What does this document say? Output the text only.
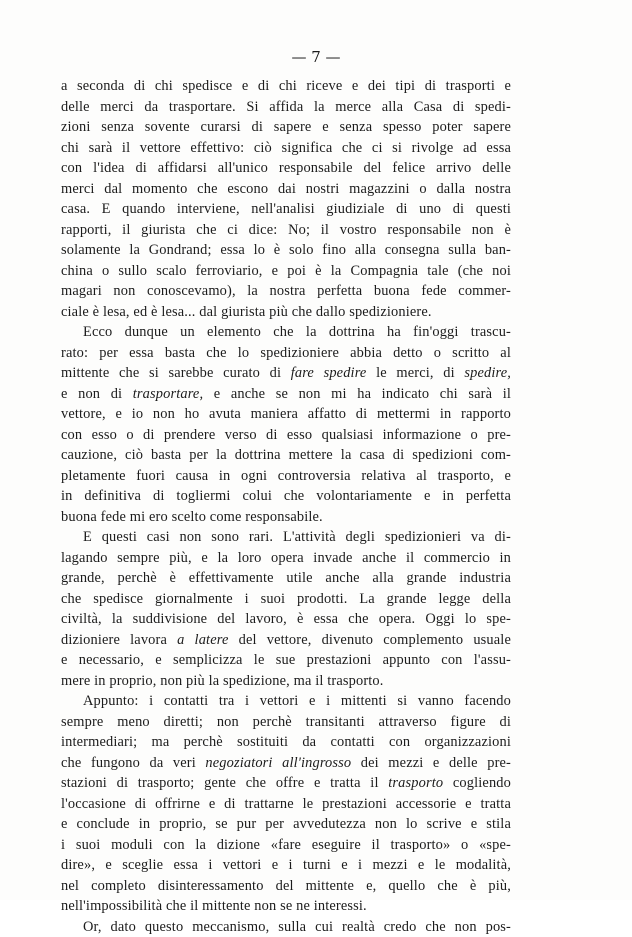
— 7 —
a seconda di chi spedisce e di chi riceve e dei tipi di trasporti e
delle merci da trasportare. Si affida la merce alla Casa di spedi-
zioni senza sovente curarsi di sapere e senza spesso poter sapere
chi sarà il vettore effettivo: ciò significa che ci si rivolge ad essa
con l'idea di affidarsi all'unico responsabile del felice arrivo delle
merci dal momento che escono dai nostri magazzini o dalla nostra
casa. E quando interviene, nell'analisi giudiziale di uno di questi
rapporti, il giurista che ci dice: No; il vostro responsabile non è
solamente la Gondrand; essa lo è solo fino alla consegna sulla ban-
china o sullo scalo ferroviario, e poi è la Compagnia tale (che noi
magari non conoscevamo), la nostra perfetta buona fede commer-
ciale è lesa, ed è lesa... dal giurista più che dallo spedizioniere.
Ecco dunque un elemento che la dottrina ha fin'oggi trascu-
rato: per essa basta che lo spedizioniere abbia detto o scritto al
mittente che si sarebbe curato di fare spedire le merci, di spedire,
e non di trasportare, e anche se non mi ha indicato chi sarà il
vettore, e io non ho avuta maniera affatto di mettermi in rapporto
con esso o di prendere verso di esso qualsiasi informazione o pre-
cauzione, ciò basta per la dottrina mettere la casa di spedizioni com-
pletamente fuori causa in ogni controversia relativa al trasporto, e
in definitiva di togliermi colui che volontariamente e in perfetta
buona fede mi ero scelto come responsabile.
E questi casi non sono rari. L'attività degli spedizionieri va di-
lagando sempre più, e la loro opera invade anche il commercio in
grande, perchè è effettivamente utile anche alla grande industria
che spedisce giornalmente i suoi prodotti. La grande legge della
civiltà, la suddivisione del lavoro, è essa che opera. Oggi lo spe-
dizioniere lavora a latere del vettore, divenuto complemento usuale
e necessario, e semplicizza le sue prestazioni appunto con l'assu-
mere in proprio, non più la spedizione, ma il trasporto.
Appunto: i contatti tra i vettori e i mittenti si vanno facendo
sempre meno diretti; non perchè transitanti attraverso figure di
intermediari; ma perchè sostituiti da contatti con organizzazioni
che fungono da veri negoziatori all'ingrosso dei mezzi e delle pre-
stazioni di trasporto; gente che offre e tratta il trasporto cogliendo
l'occasione di offrirne e di trattarne le prestazioni accessorie e tratta
e conclude in proprio, se pur per avvedutezza non lo scrive e stila
i suoi moduli con la dizione «fare eseguire il trasporto» o «spe-
dire», e sceglie essa i vettori e i turni e i mezzi e le modalità,
nel completo disinteressamento del mittente e, quello che è più,
nell'impossibilità che il mittente non se ne interessi.
Or, dato questo meccanismo, sulla cui realtà credo che non pos-
